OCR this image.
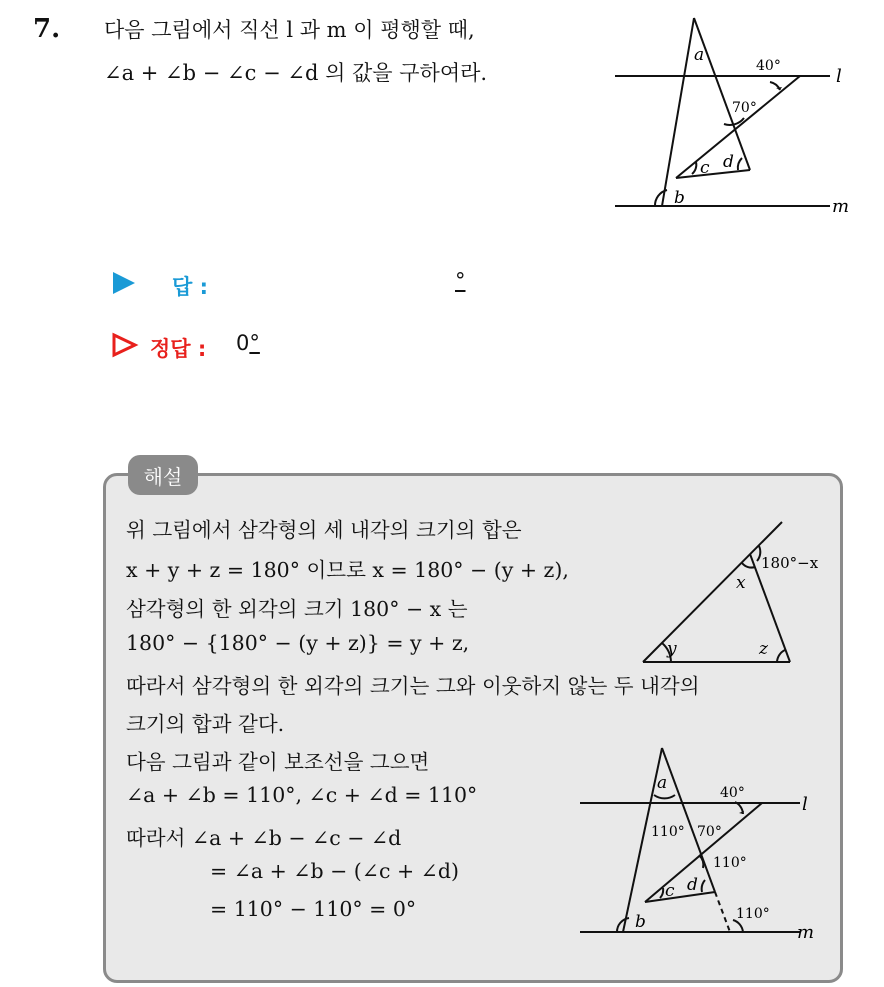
7. 다음 그림에서 직선 l 과 m 이 평행할 때,
∠a + ∠b − ∠c − ∠d 의 값을 구하여라.
a
b
c d
40°
70°
l
m
답 :	°
정답 : 0°
해설
위 그림에서 삼각형의 세 내각의 크기의 합은
x + y + z = 180° 이므로 x = 180° − (y + z),
삼각형의 한 외각의 크기 180° − x 는
180° − {180° − (y + z)} = y + z,
따라서 삼각형의 한 외각의 크기는 그와 이웃하지 않는 두 내각의
크기의 합과 같다.
다음 그림과 같이 보조선을 그으면
∠a + ∠b = 110°, ∠c + ∠d = 110°
따라서 ∠a + ∠b − ∠c − ∠d
= ∠a + ∠b − (∠c + ∠d)
= 110° − 110° = 0°
180°−x
x
y	z
a
b
c d
40°
110° 70°
110°
110°
l
m
